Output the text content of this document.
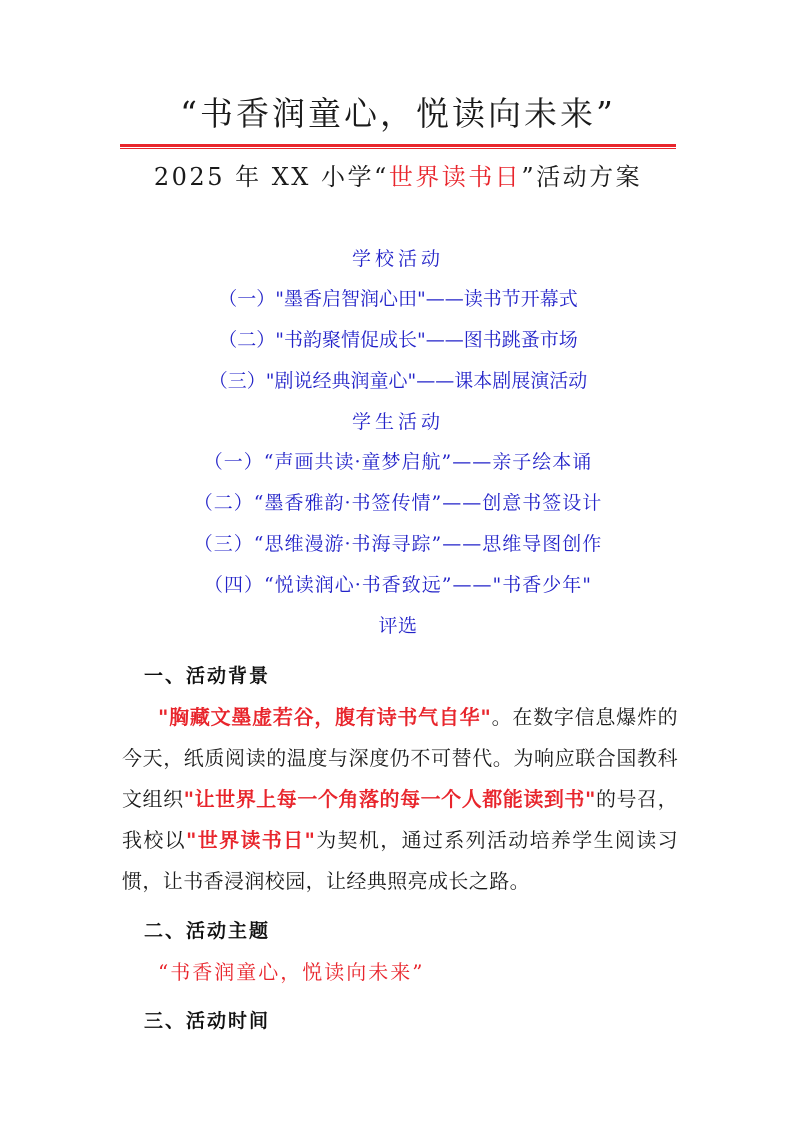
“书香润童心，悦读向未来”
2025 年 XX 小学“世界读书日”活动方案
学校活动
（一）"墨香启智润心田"——读书节开幕式
（二）"书韵聚情促成长"——图书跳蚤市场
（三）"剧说经典润童心"——课本剧展演活动
学生活动
（一）“声画共读·童梦启航”——亲子绘本诵
（二）“墨香雅韵·书签传情”——创意书签设计
（三）“思维漫游·书海寻踪”——思维导图创作
（四）“悦读润心·书香致远”——"书香少年"
评选
一、活动背景

"胸藏文墨虚若谷，腹有诗书气自华"。在数字信息爆炸的今天，纸质阅读的温度与深度仍不可替代。为响应联合国教科文组织"让世界上每一个角落的每一个人都能读到书"的号召，我校以"世界读书日"为契机，通过系列活动培养学生阅读习惯，让书香浸润校园，让经典照亮成长之路。

二、活动主题
“书香润童心，悦读向未来”
三、活动时间
